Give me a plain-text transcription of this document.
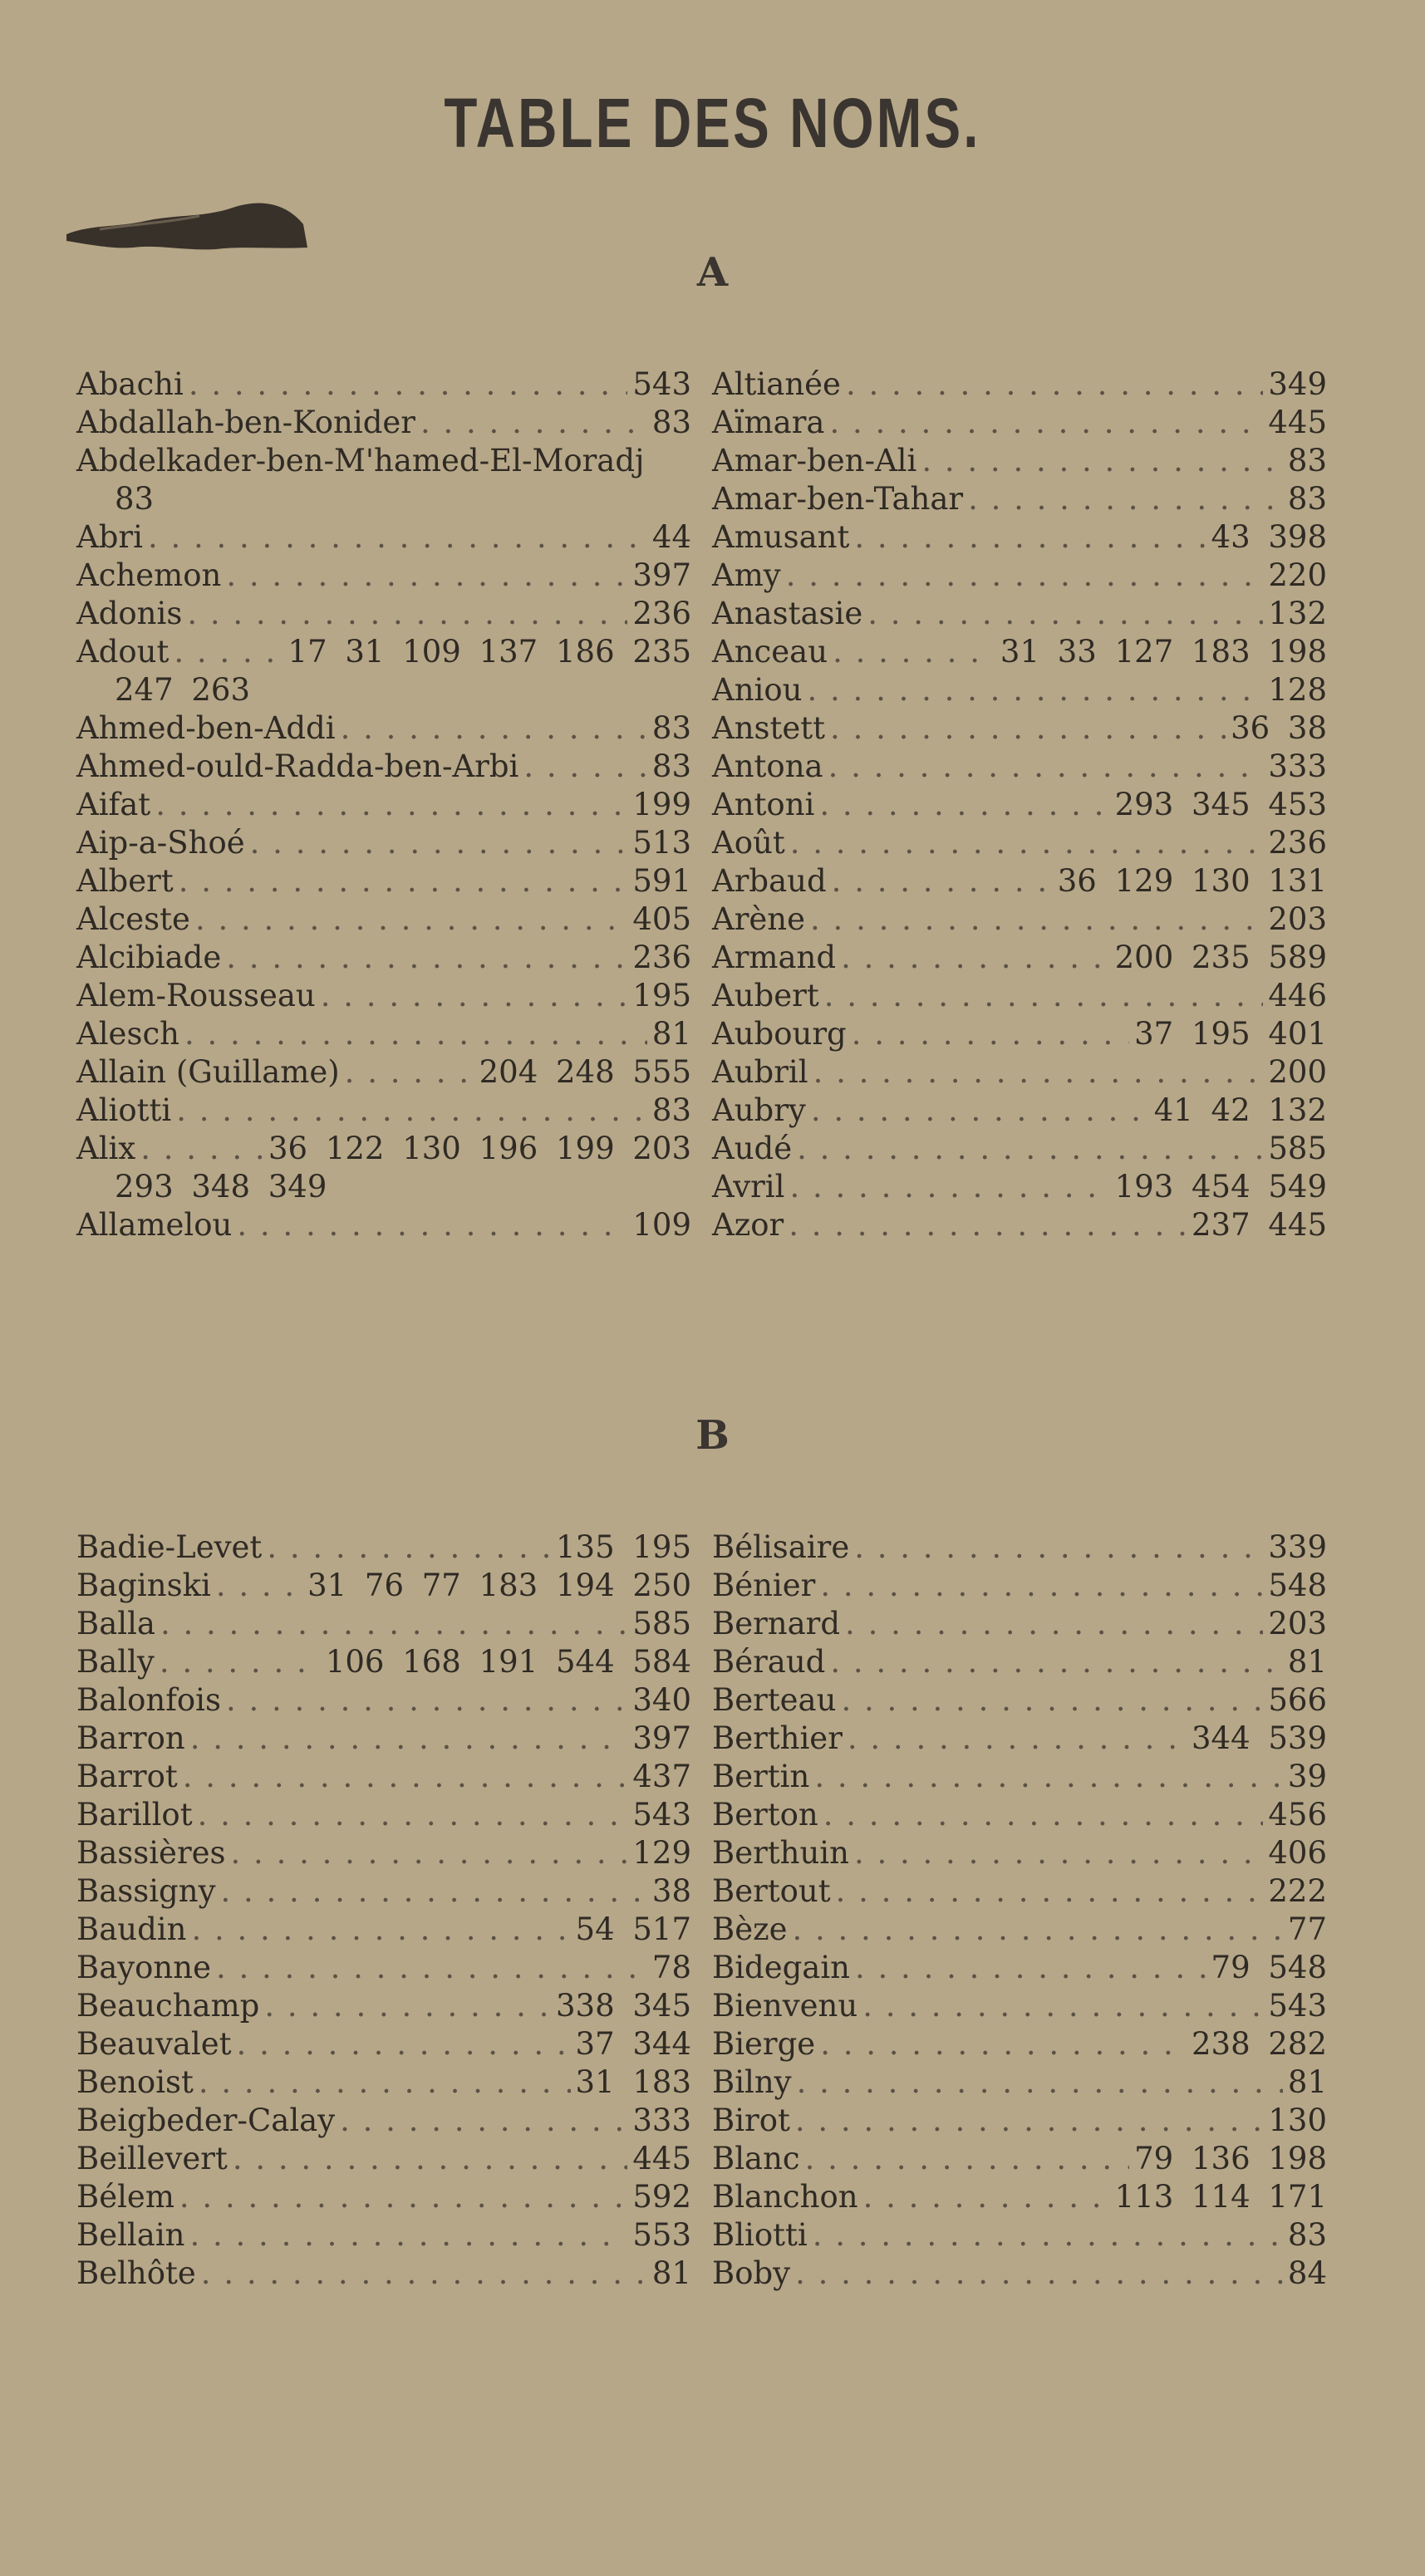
TABLE DES NOMS.
A
Abachi . . .	543
Abdallah-ben-Konider . . .	83
Abdelkader-ben-M'hamed-El-Moradj
83
Abri . . .	44
Achemon . . .	397
Adonis . . .	236
Adout . . .	17 31 109 137 186 235
247 263
Ahmed-ben-Addi . . .	83
Ahmed-ould-Radda-ben-Arbi . . .	83
Aifat . . .	199
Aip-a-Shoé . . .	513
Albert . . .	591
Alceste . . .	405
Alcibiade . . .	236
Alem-Rousseau . . .	195
Alesch . . .	81
Allain (Guillame) . . .	204 248 555
Aliotti . . .	83
Alix . . .	36 122 130 196 199 203
293 348 349
Allamelou . . .	109
Altianée . . .	349
Aïmara . . .	445
Amar-ben-Ali . . .	83
Amar-ben-Tahar . . .	83
Amusant . . .	43 398
Amy . . .	220
Anastasie . . .	132
Anceau . . .	31 33 127 183 198
Aniou . . .	128
Anstett . . .	36 38
Antona . . .	333
Antoni . . .	293 345 453
Août . . .	236
Arbaud . . .	36 129 130 131
Arène . . .	203
Armand . . .	200 235 589
Aubert . . .	446
Aubourg . . .	37 195 401
Aubril . . .	200
Aubry . . .	41 42 132
Audé . . .	585
Avril . . .	193 454 549
Azor . . .	237 445
B
Badie-Levet . . .	135 195
Baginski . . .	31 76 77 183 194 250
Balla . . .	585
Bally . . .	106 168 191 544 584
Balonfois . . .	340
Barron . . .	397
Barrot . . .	437
Barillot . . .	543
Bassières . . .	129
Bassigny . . .	38
Baudin . . .	54 517
Bayonne . . .	78
Beauchamp . . .	338 345
Beauvalet . . .	37 344
Benoist . . .	31 183
Beigbeder-Calay . . .	333
Beillevert . . .	445
Bélem . . .	592
Bellain . . .	553
Belhôte . . .	81
Bélisaire . . .	339
Bénier . . .	548
Bernard . . .	203
Béraud . . .	81
Berteau . . .	566
Berthier . . .	344 539
Bertin . . .	39
Berton . . .	456
Berthuin . . .	406
Bertout . . .	222
Bèze . . .	77
Bidegain . . .	79 548
Bienvenu . . .	543
Bierge . . .	238 282
Bilny . . .	81
Birot . . .	130
Blanc . . .	79 136 198
Blanchon . . .	113 114 171
Bliotti . . .	83
Boby . . .	84
